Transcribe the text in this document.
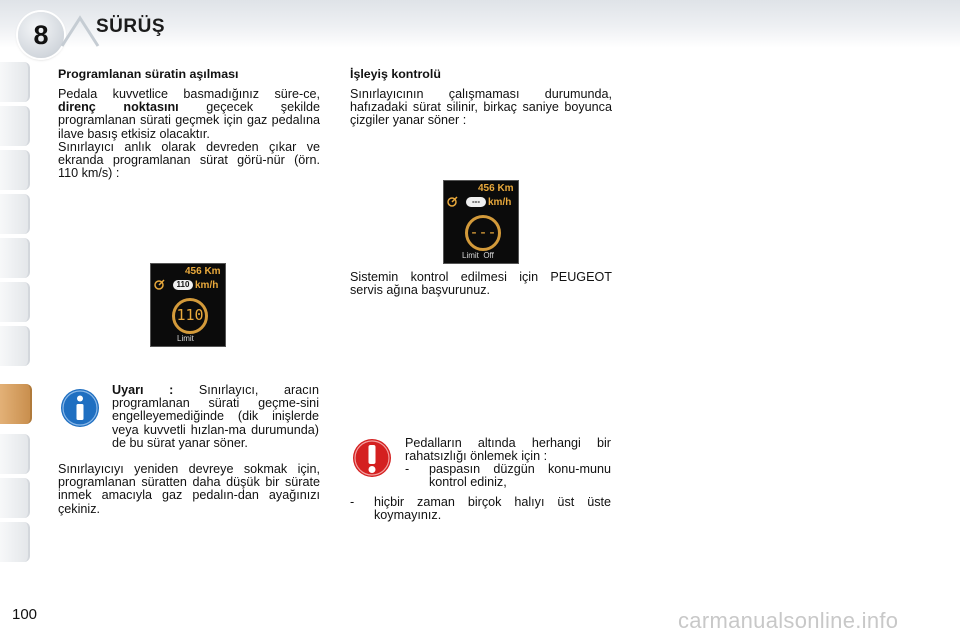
8	SÜRÜŞ
Programlanan süratin aşılması
Pedala kuvvetlice basmadığınız süre-ce, direnç noktasını geçecek şekilde programlanan sürati geçmek için gaz pedalına ilave basış etkisiz olacaktır.
Sınırlayıcı anlık olarak devreden çıkar ve ekranda programlanan sürat görü-nür (örn. 110 km/s) :
456 Km
110 km/h
110
Limit
Uyarı : Sınırlayıcı, aracın programlanan sürati geçme-sini engelleyemediğinde (dik inişlerde veya kuvvetli hızlan-ma durumunda) de bu sürat yanar söner.
Sınırlayıcıyı yeniden devreye sokmak için, programlanan süratten daha düşük bir sürate inmek amacıyla gaz pedalın-dan ayağınızı çekiniz.
İşleyiş kontrolü
Sınırlayıcının çalışmaması durumunda, hafızadaki sürat silinir, birkaç saniye boyunca çizgiler yanar söner :
456 Km
--- km/h
---
Limit  Off
Sistemin kontrol edilmesi için PEUGEOT servis ağına başvurunuz.
Pedalların altında herhangi bir rahatsızlığı önlemek için :
- paspasın düzgün konu-munu kontrol ediniz,
- hiçbir zaman birçok halıyı üst üste koymayınız.
100	carmanualsonline.info
